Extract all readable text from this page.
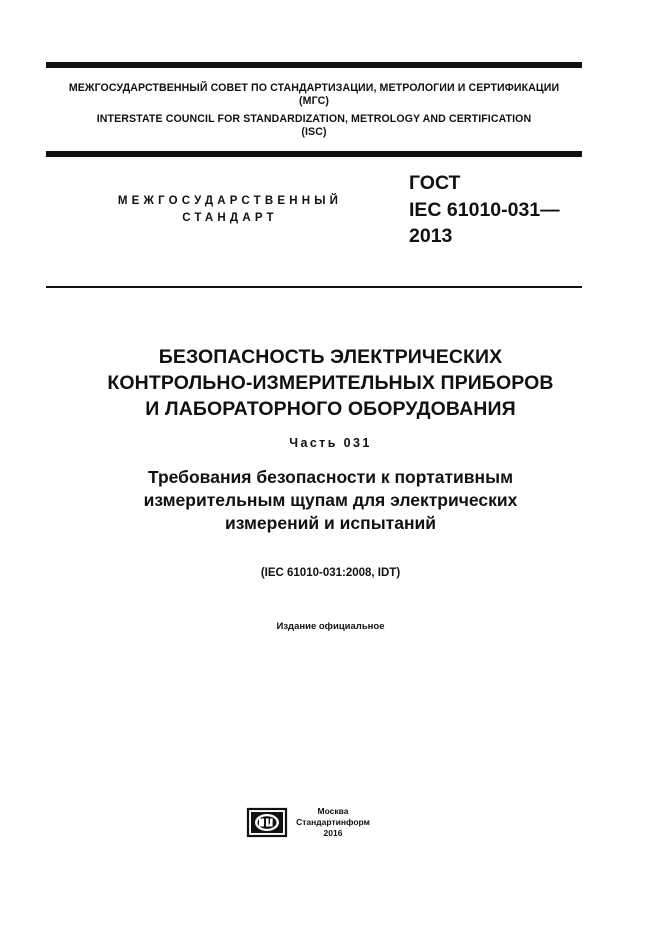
МЕЖГОСУДАРСТВЕННЫЙ СОВЕТ ПО СТАНДАРТИЗАЦИИ, МЕТРОЛОГИИ И СЕРТИФИКАЦИИ
(МГС)
INTERSTATE COUNCIL FOR STANDARDIZATION, METROLOGY AND CERTIFICATION
(ISC)
МЕЖГОСУДАРСТВЕННЫЙ
СТАНДАРТ
ГОСТ
IEC 61010-031—
2013
БЕЗОПАСНОСТЬ ЭЛЕКТРИЧЕСКИХ
КОНТРОЛЬНО-ИЗМЕРИТЕЛЬНЫХ ПРИБОРОВ
И ЛАБОРАТОРНОГО ОБОРУДОВАНИЯ
Часть 031
Требования безопасности к портативным
измерительным щупам для электрических
измерений и испытаний
(IEC 61010-031:2008, IDT)
Издание официальное
Москва
Стандартинформ
2016
